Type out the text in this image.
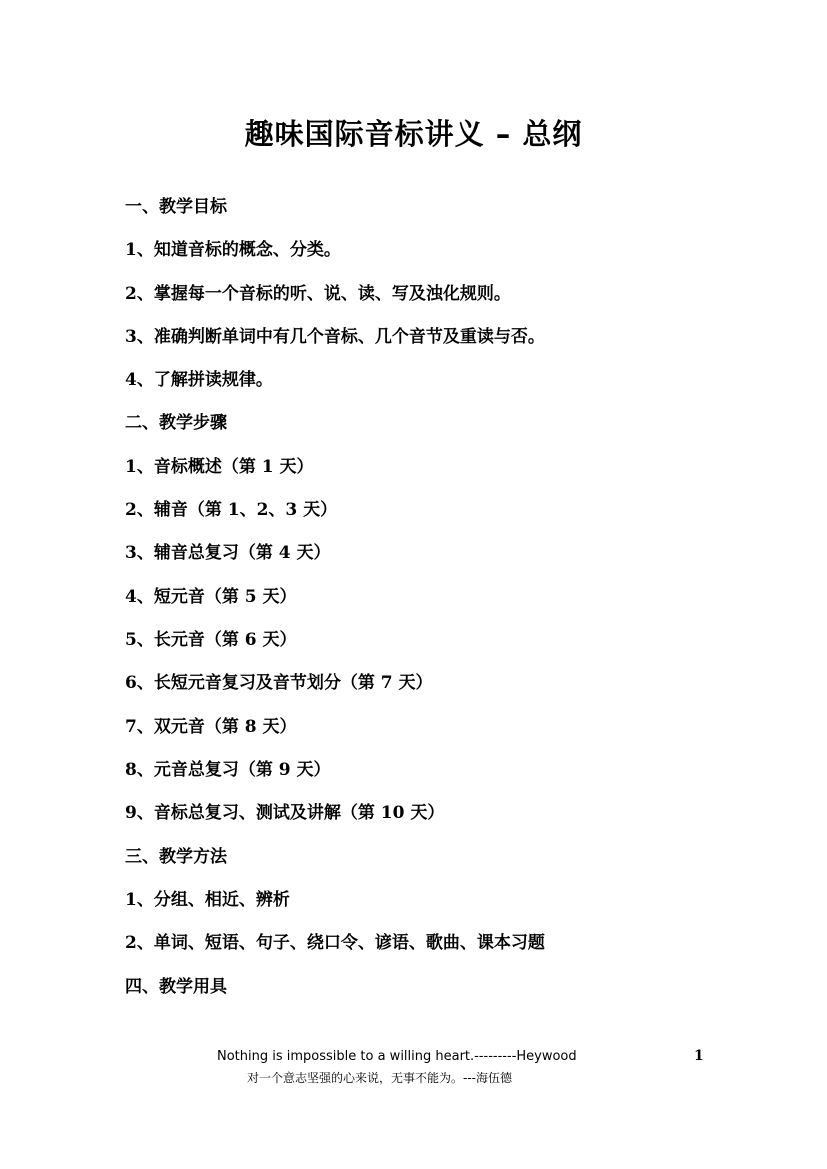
趣味国际音标讲义 – 总纲
一、教学目标
1、知道音标的概念、分类。
2、掌握每一个音标的听、说、读、写及浊化规则。
3、准确判断单词中有几个音标、几个音节及重读与否。
4、了解拼读规律。
二、教学步骤
1、音标概述（第 1 天）
2、辅音（第 1、2、3 天）
3、辅音总复习（第 4 天）
4、短元音（第 5 天）
5、长元音（第 6 天）
6、长短元音复习及音节划分（第 7 天）
7、双元音（第 8 天）
8、元音总复习（第 9 天）
9、音标总复习、测试及讲解（第 10 天）
三、教学方法
1、分组、相近、辨析
2、单词、短语、句子、绕口令、谚语、歌曲、课本习题
四、教学用具
Nothing is impossible to a willing heart.---------Heywood	1
对一个意志坚强的心来说，无事不能为。---海伍德
